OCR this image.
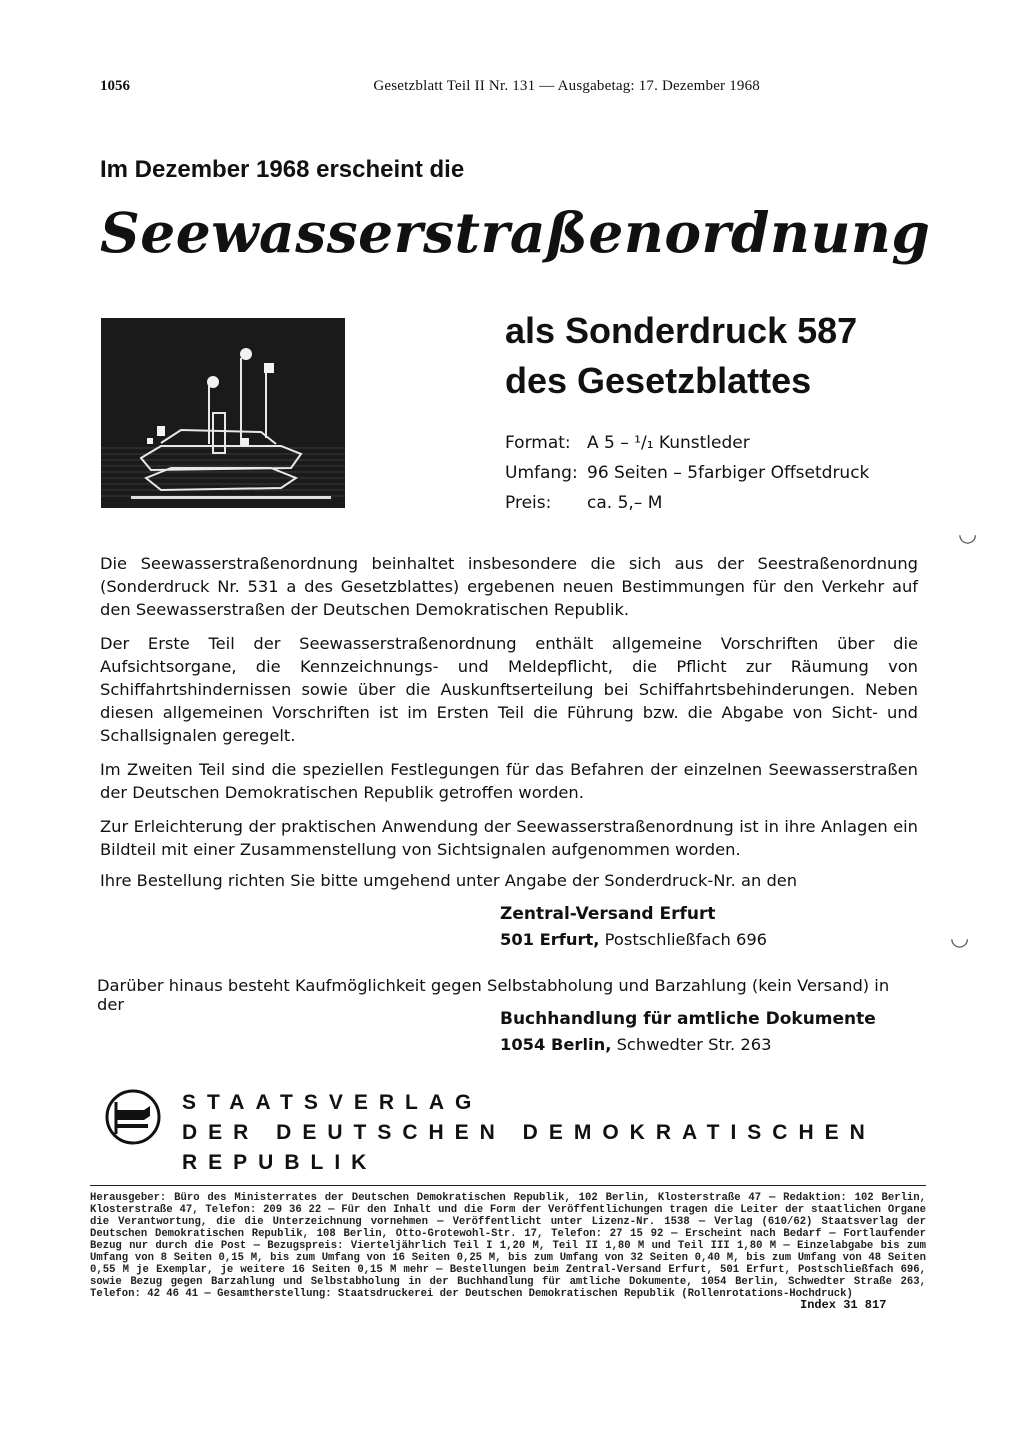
1056	Gesetzblatt Teil II Nr. 131 — Ausgabetag: 17. Dezember 1968
Im Dezember 1968 erscheint die
Seewasserstraßenordnung
als Sonderdruck 587
des Gesetzblattes
Format: A 5 – ¹/₁ Kunstleder
Umfang: 96 Seiten – 5farbiger Offsetdruck
Preis:	ca. 5,– M
◡

Die Seewasserstraßenordnung beinhaltet insbesondere die sich aus der Seestraßenordnung (Sonderdruck Nr. 531 a des Gesetzblattes) ergebenen neuen Bestimmungen für den Verkehr auf den Seewasserstraßen der Deutschen Demokratischen Republik.

Der Erste Teil der Seewasserstraßenordnung enthält allgemeine Vorschriften über die Aufsichtsorgane, die Kennzeichnungs- und Meldepflicht, die Pflicht zur Räumung von Schiffahrtshindernissen sowie über die Auskunftserteilung bei Schiffahrtsbehinderungen. Neben diesen allgemeinen Vorschriften ist im Ersten Teil die Führung bzw. die Abgabe von Sicht- und Schallsignalen geregelt.

Im Zweiten Teil sind die speziellen Festlegungen für das Befahren der einzelnen Seewasserstraßen der Deutschen Demokratischen Republik getroffen worden.

Zur Erleichterung der praktischen Anwendung der Seewasserstraßenordnung ist in ihre Anlagen ein Bildteil mit einer Zusammenstellung von Sichtsignalen aufgenommen worden.

Ihre Bestellung richten Sie bitte umgehend unter Angabe der Sonderdruck-Nr. an den
Zentral-Versand Erfurt
501 Erfurt, Postschließfach 696	◡
Darüber hinaus besteht Kaufmöglichkeit gegen Selbstabholung und Barzahlung (kein Versand) in der
Buchhandlung für amtliche Dokumente
1054 Berlin, Schwedter Str. 263
STAATSVERLAG
DER DEUTSCHEN DEMOKRATISCHEN REPUBLIK
Herausgeber: Büro des Ministerrates der Deutschen Demokratischen Republik, 102 Berlin, Klosterstraße 47 — Redaktion: 102 Berlin, Klosterstraße 47, Telefon: 209 36 22 — Für den Inhalt und die Form der Veröffentlichungen tragen die Leiter der staatlichen Organe die Verantwortung, die die Unterzeichnung vornehmen — Veröffentlicht unter Lizenz-Nr. 1538 — Verlag (610/62) Staatsverlag der Deutschen Demokratischen Republik, 108 Berlin, Otto-Grotewohl-Str. 17, Telefon: 27 15 92 — Erscheint nach Bedarf — Fortlaufender Bezug nur durch die Post — Bezugspreis: Vierteljährlich Teil I 1,20 M, Teil II 1,80 M und Teil III 1,80 M — Einzelabgabe bis zum Umfang von 8 Seiten 0,15 M, bis zum Umfang von 16 Seiten 0,25 M, bis zum Umfang von 32 Seiten 0,40 M, bis zum Umfang von 48 Seiten 0,55 M je Exemplar, je weitere 16 Seiten 0,15 M mehr — Bestellungen beim Zentral-Versand Erfurt, 501 Erfurt, Postschließfach 696, sowie Bezug gegen Barzahlung und Selbstabholung in der Buchhandlung für amtliche Dokumente, 1054 Berlin, Schwedter Straße 263, Telefon: 42 46 41 — Gesamtherstellung: Staatsdruckerei der Deutschen Demokratischen Republik (Rollenrotations-Hochdruck)
Index 31 817
